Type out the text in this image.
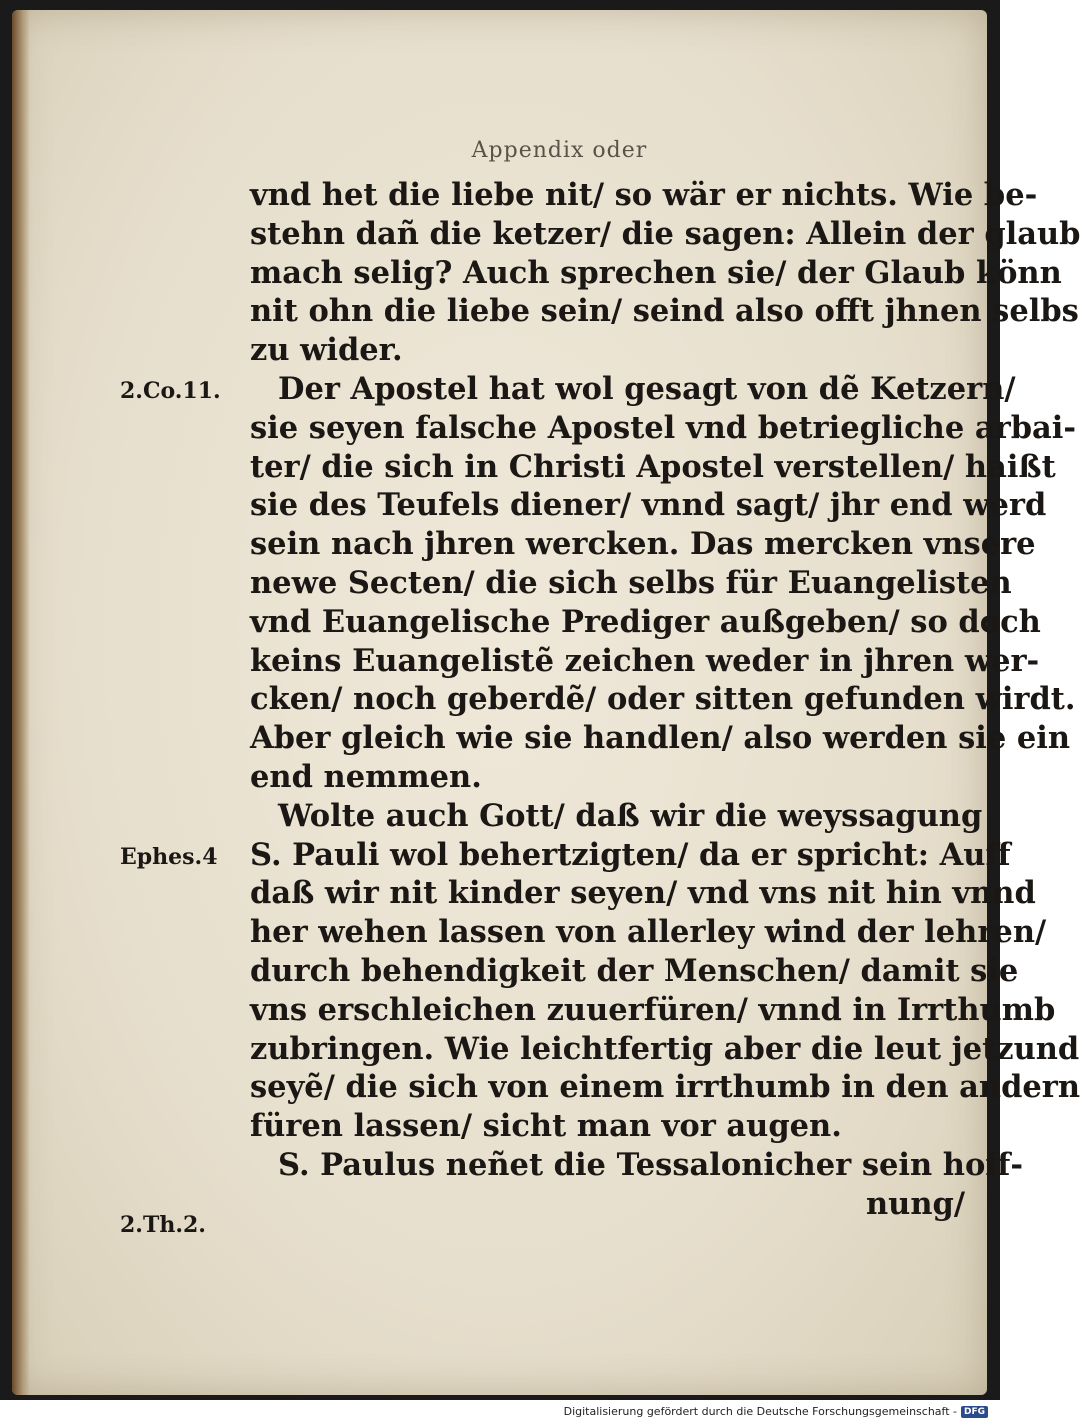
Appendix oder
2.Co.11.
Ephes.4
2.Th.2.
vnd het die liebe nit/ so wär er nichts. Wie be-
stehn dañ die ketzer/ die sagen: Allein der glaub
mach selig? Auch sprechen sie/ der Glaub könn
nit ohn die liebe sein/ seind also offt jhnen selbs
zu wider.
Der Apostel hat wol gesagt von dẽ Ketzern/
sie seyen falsche Apostel vnd betriegliche arbai-
ter/ die sich in Christi Apostel verstellen/ haißt
sie des Teufels diener/ vnnd sagt/ jhr end werd
sein nach jhren wercken. Das mercken vnsere
newe Secten/ die sich selbs für Euangelisten
vnd Euangelische Prediger außgeben/ so doch
keins Euangelistẽ zeichen weder in jhren wer-
cken/ noch geberdẽ/ oder sitten gefunden wirdt.
Aber gleich wie sie handlen/ also werden sie ein
end nemmen.
Wolte auch Gott/ daß wir die weyssagung
S. Pauli wol behertzigten/ da er spricht: Auff
daß wir nit kinder seyen/ vnd vns nit hin vnnd
her wehen lassen von allerley wind der lehren/
durch behendigkeit der Menschen/ damit sie
vns erschleichen zuuerfüren/ vnnd in Irrthumb
zubringen. Wie leichtfertig aber die leut jetzund
seyẽ/ die sich von einem irrthumb in den andern
füren lassen/ sicht man vor augen.
S. Paulus neñet die Tessalonicher sein hoff-
nung/
Digitalisierung gefördert durch die Deutsche Forschungsgemeinschaft - DFG
